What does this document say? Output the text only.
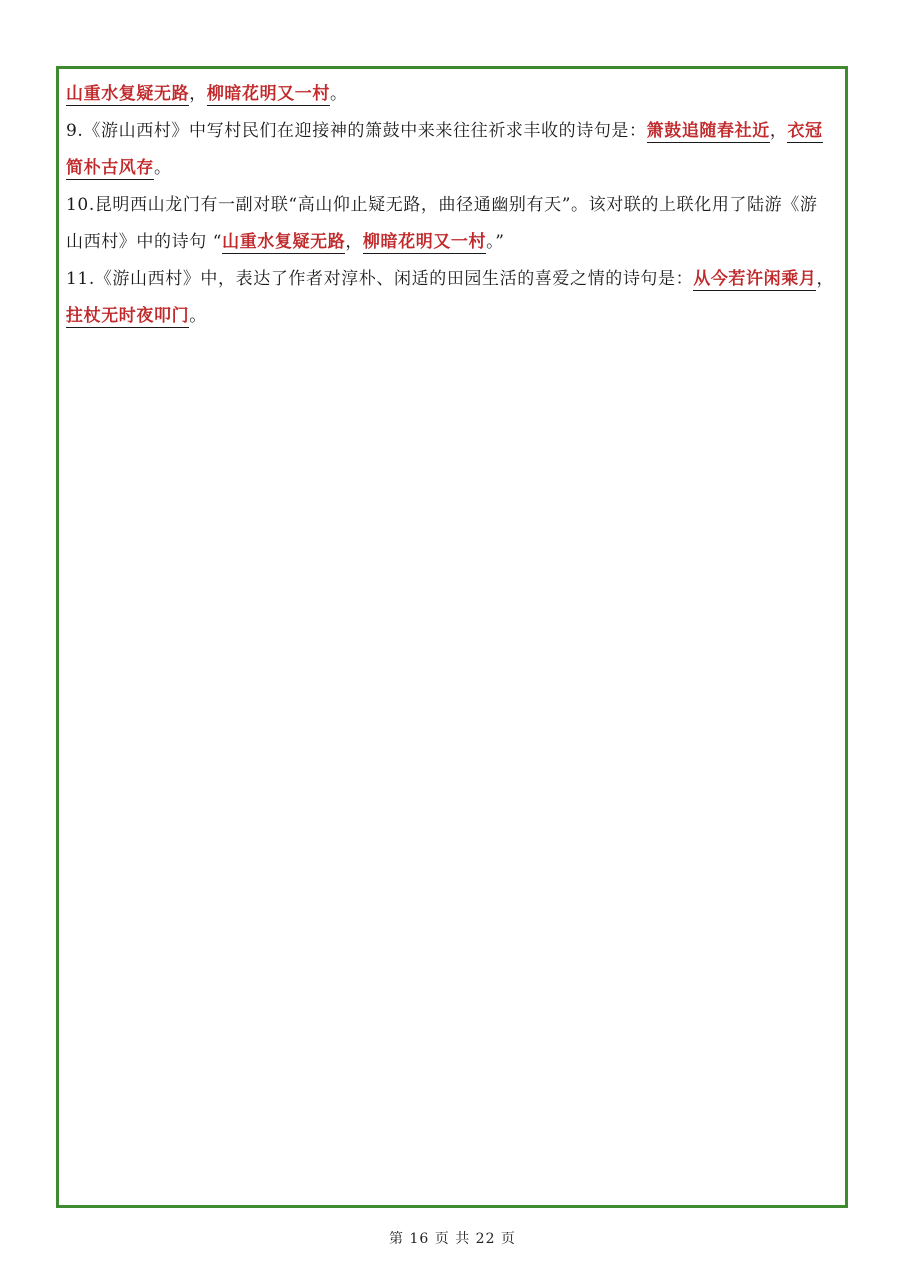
山重水复疑无路，柳暗花明又一村。
9.《游山西村》中写村民们在迎接神的箫鼓中来来往往祈求丰收的诗句是：箫鼓追随春社近，衣冠
简朴古风存。
10.昆明西山龙门有一副对联“高山仰止疑无路，曲径通幽别有天”。该对联的上联化用了陆游《游
山西村》中的诗句 “山重水复疑无路，柳暗花明又一村。”
11.《游山西村》中，表达了作者对淳朴、闲适的田园生活的喜爱之情的诗句是：从今若许闲乘月，
拄杖无时夜叩门。
第 16 页 共 22 页
